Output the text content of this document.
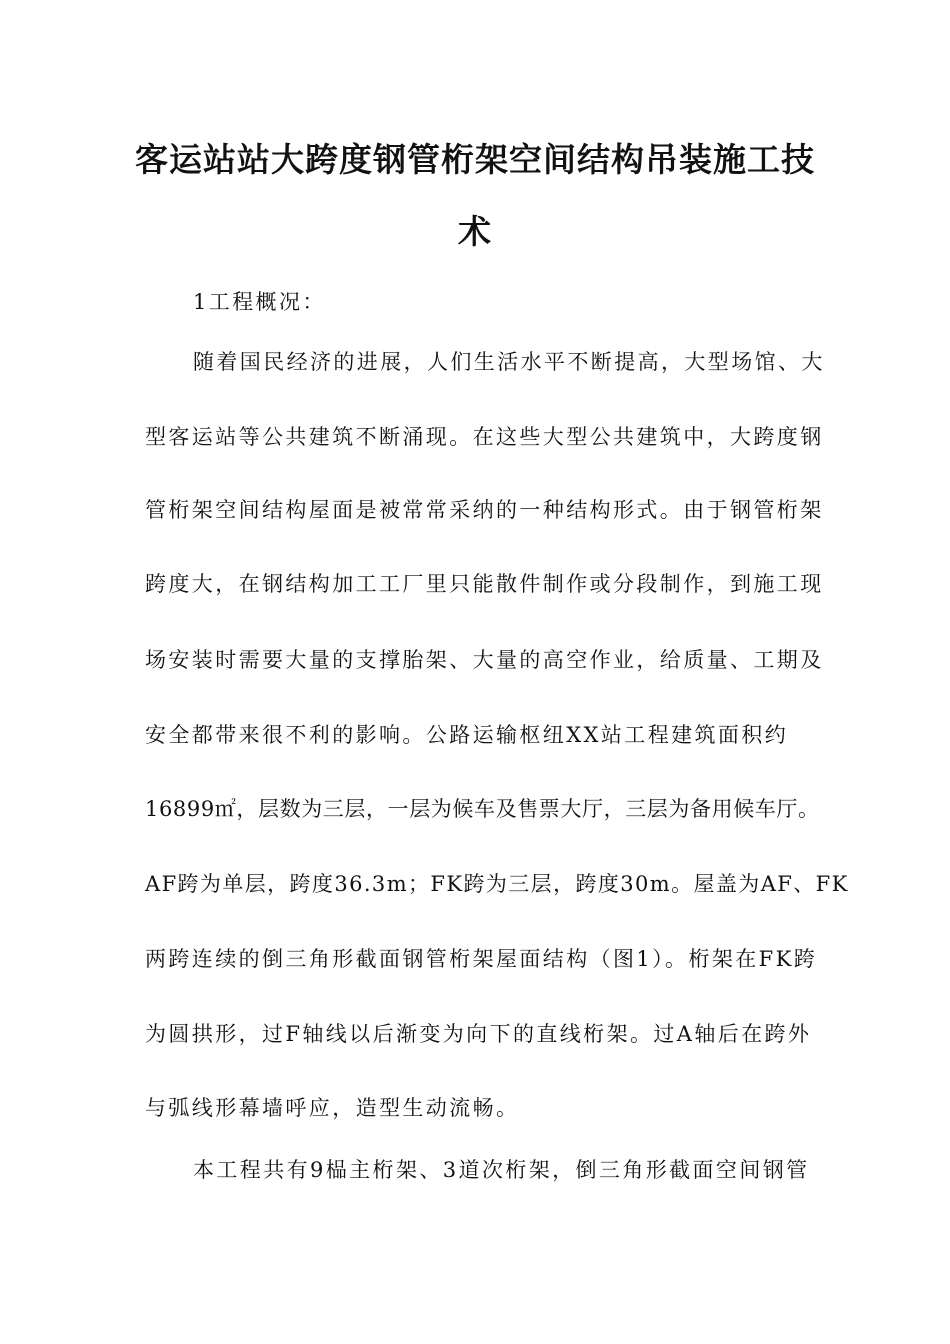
客运站站大跨度钢管桁架空间结构吊装施工技
术

1工程概况：

随着国民经济的进展，人们生活水平不断提高，大型场馆、大

型客运站等公共建筑不断涌现。在这些大型公共建筑中，大跨度钢

管桁架空间结构屋面是被常常采纳的一种结构形式。由于钢管桁架

跨度大，在钢结构加工工厂里只能散件制作或分段制作，到施工现

场安装时需要大量的支撑胎架、大量的高空作业，给质量、工期及

安全都带来很不利的影响。公路运输枢纽XX站工程建筑面积约

16899㎡，层数为三层，一层为候车及售票大厅，三层为备用候车厅。

AF跨为单层，跨度36.3m；FK跨为三层，跨度30m。屋盖为AF、FK

两跨连续的倒三角形截面钢管桁架屋面结构（图1）。桁架在FK跨

为圆拱形，过F轴线以后渐变为向下的直线桁架。过A轴后在跨外

与弧线形幕墙呼应，造型生动流畅。

本工程共有9榀主桁架、3道次桁架，倒三角形截面空间钢管
